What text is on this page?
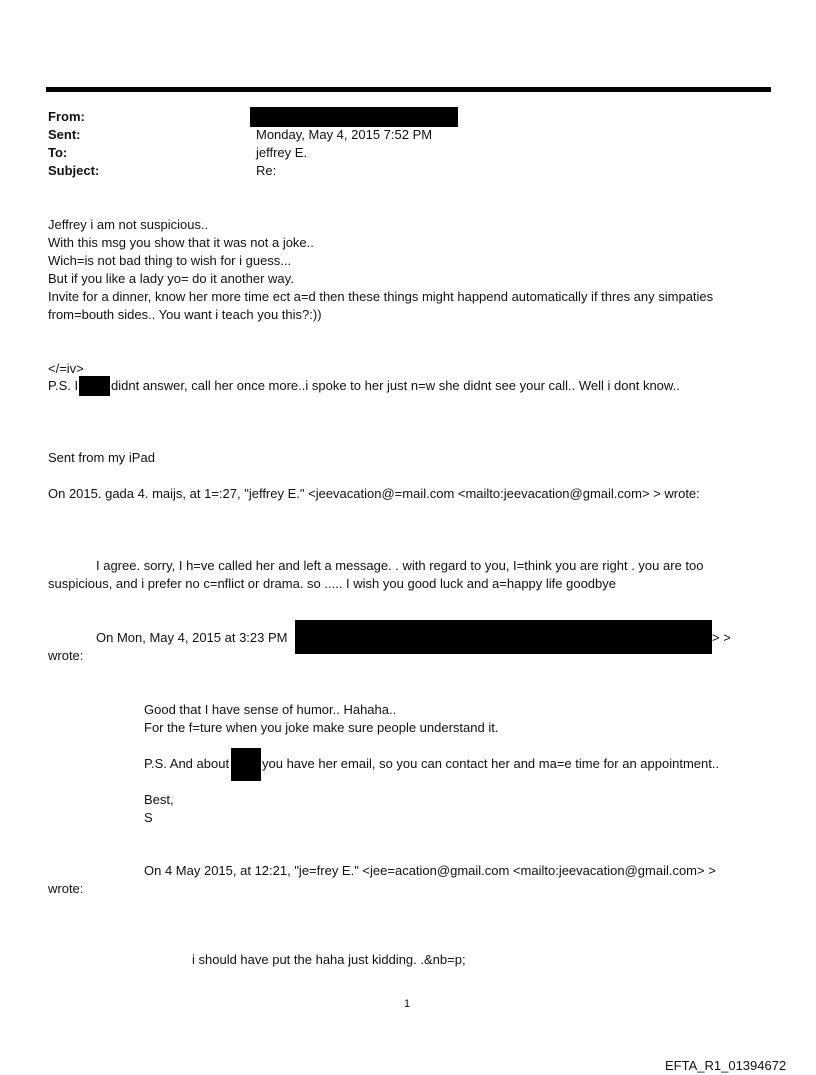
From:
Sent:	Monday, May 4, 2015 7:52 PM
To:	jeffrey E.
Subject:	Re:
Jeffrey i am not suspicious..
With this msg you show that it was not a joke..
Wich=is not bad thing to wish for i guess...
But if you like a lady yo= do it another way.
Invite for a dinner, know her more time ect a=d then these things might happend automatically if thres any simpaties
from=bouth sides.. You want i teach you this?:))
</=iv>
P.S. I	didnt answer, call her once more..i spoke to her just n=w she didnt see your call.. Well i dont know..
Sent from my iPad
On 2015. gada 4. maijs, at 1=:27, "jeffrey E." <jeevacation@=mail.com <mailto:jeevacation@gmail.com> > wrote:
I agree. sorry, I h=ve called her and left a message. . with regard to you, I=think you are right . you are too
suspicious, and i prefer no c=nflict or drama. so ..... I wish you good luck and a=happy life goodbye
On Mon, May 4, 2015 at 3:23 PM	> >
wrote:
Good that I have sense of humor.. Hahaha..
For the f=ture when you joke make sure people understand it.
P.S. And about	you have her email, so you can contact her and ma=e time for an appointment..
Best,
S
On 4 May 2015, at 12:21, "je=frey E." <jee=acation@gmail.com <mailto:jeevacation@gmail.com> >
wrote:
i should have put the haha just kidding. .&nb=p;
1
EFTA_R1_01394672
